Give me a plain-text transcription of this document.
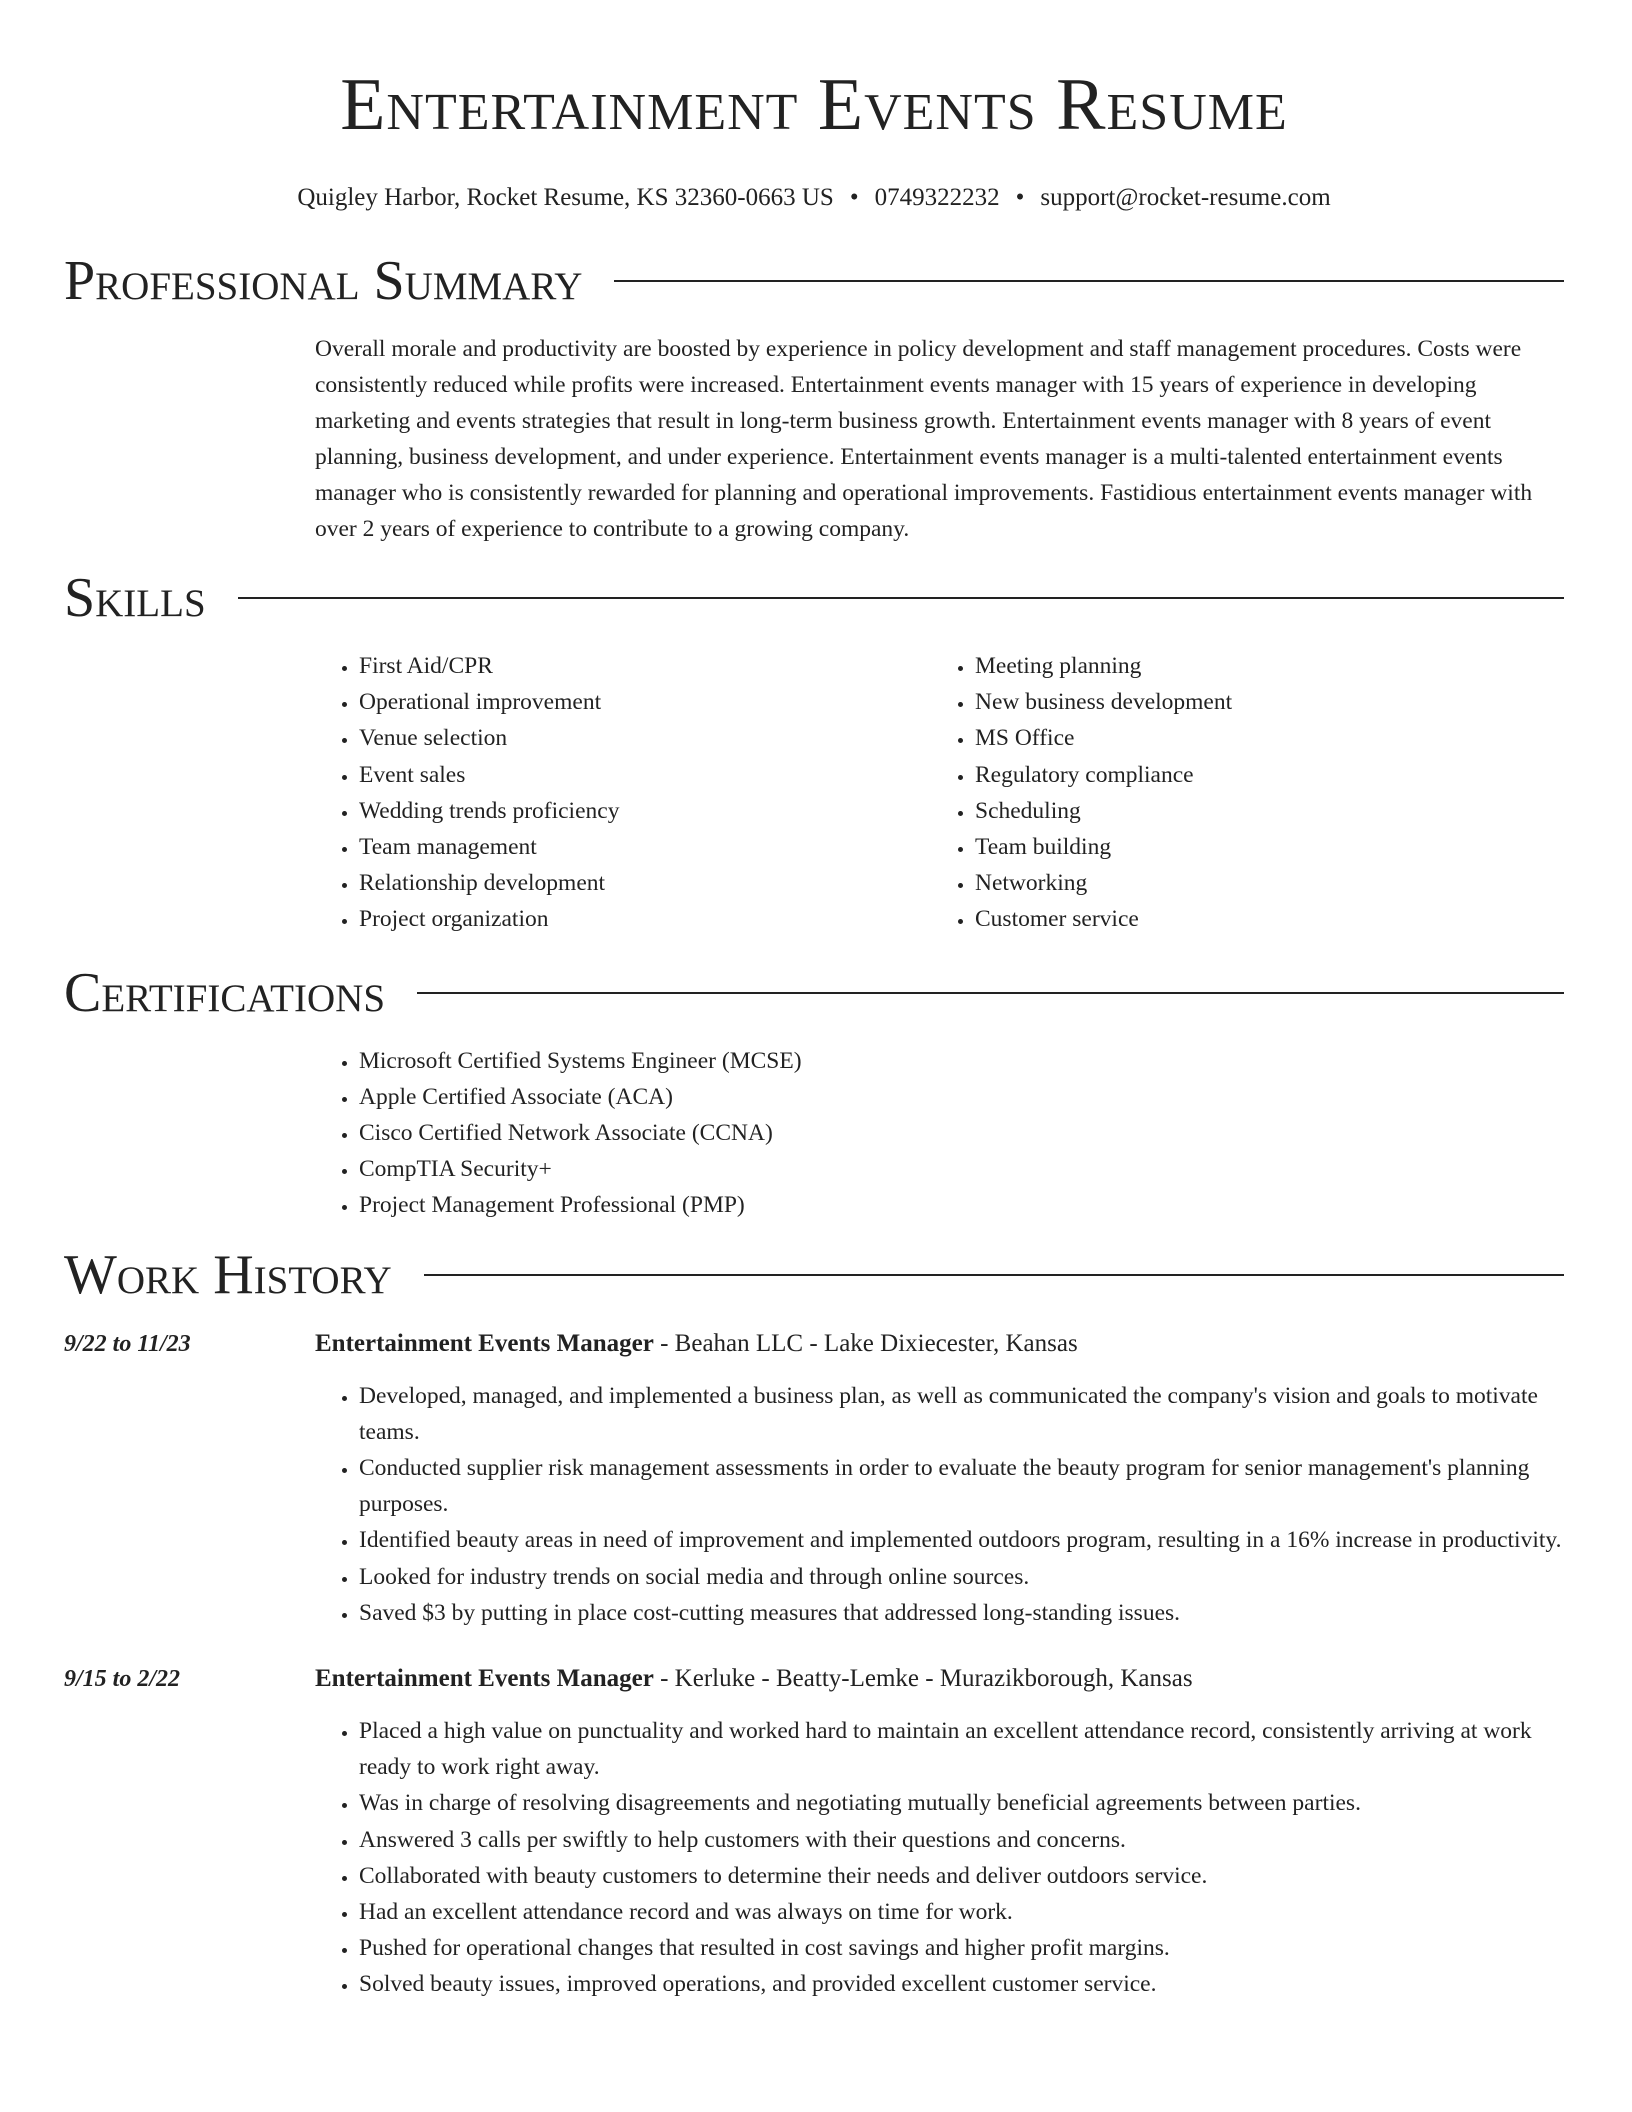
Entertainment Events Resume
Quigley Harbor, Rocket Resume, KS 32360-0663 US • 0749322232 • support@rocket-resume.com
Professional Summary

Overall morale and productivity are boosted by experience in policy development and staff management procedures. Costs were consistently reduced while profits were increased. Entertainment events manager with 15 years of experience in developing marketing and events strategies that result in long-term business growth. Entertainment events manager with 8 years of event planning, business development, and under experience. Entertainment events manager is a multi-talented entertainment events manager who is consistently rewarded for planning and operational improvements. Fastidious entertainment events manager with over 2 years of experience to contribute to a growing company.

Skills
• First Aid/CPR
• Operational improvement
• Venue selection
• Event sales
• Wedding trends proficiency
• Team management
• Relationship development
• Project organization
• Meeting planning
• New business development
• MS Office
• Regulatory compliance
• Scheduling
• Team building
• Networking
• Customer service
Certifications
• Microsoft Certified Systems Engineer (MCSE)
• Apple Certified Associate (ACA)
• Cisco Certified Network Associate (CCNA)
• CompTIA Security+
• Project Management Professional (PMP)
Work History
9/22 to 11/23	Entertainment Events Manager - Beahan LLC - Lake Dixiecester, Kansas
• Developed, managed, and implemented a business plan, as well as communicated the company's vision and goals to motivate teams.
• Conducted supplier risk management assessments in order to evaluate the beauty program for senior management's planning purposes.
• Identified beauty areas in need of improvement and implemented outdoors program, resulting in a 16% increase in productivity.
• Looked for industry trends on social media and through online sources.
• Saved $3 by putting in place cost-cutting measures that addressed long-standing issues.
9/15 to 2/22	Entertainment Events Manager - Kerluke - Beatty-Lemke - Murazikborough, Kansas
• Placed a high value on punctuality and worked hard to maintain an excellent attendance record, consistently arriving at work ready to work right away.
• Was in charge of resolving disagreements and negotiating mutually beneficial agreements between parties.
• Answered 3 calls per swiftly to help customers with their questions and concerns.
• Collaborated with beauty customers to determine their needs and deliver outdoors service.
• Had an excellent attendance record and was always on time for work.
• Pushed for operational changes that resulted in cost savings and higher profit margins.
• Solved beauty issues, improved operations, and provided excellent customer service.
